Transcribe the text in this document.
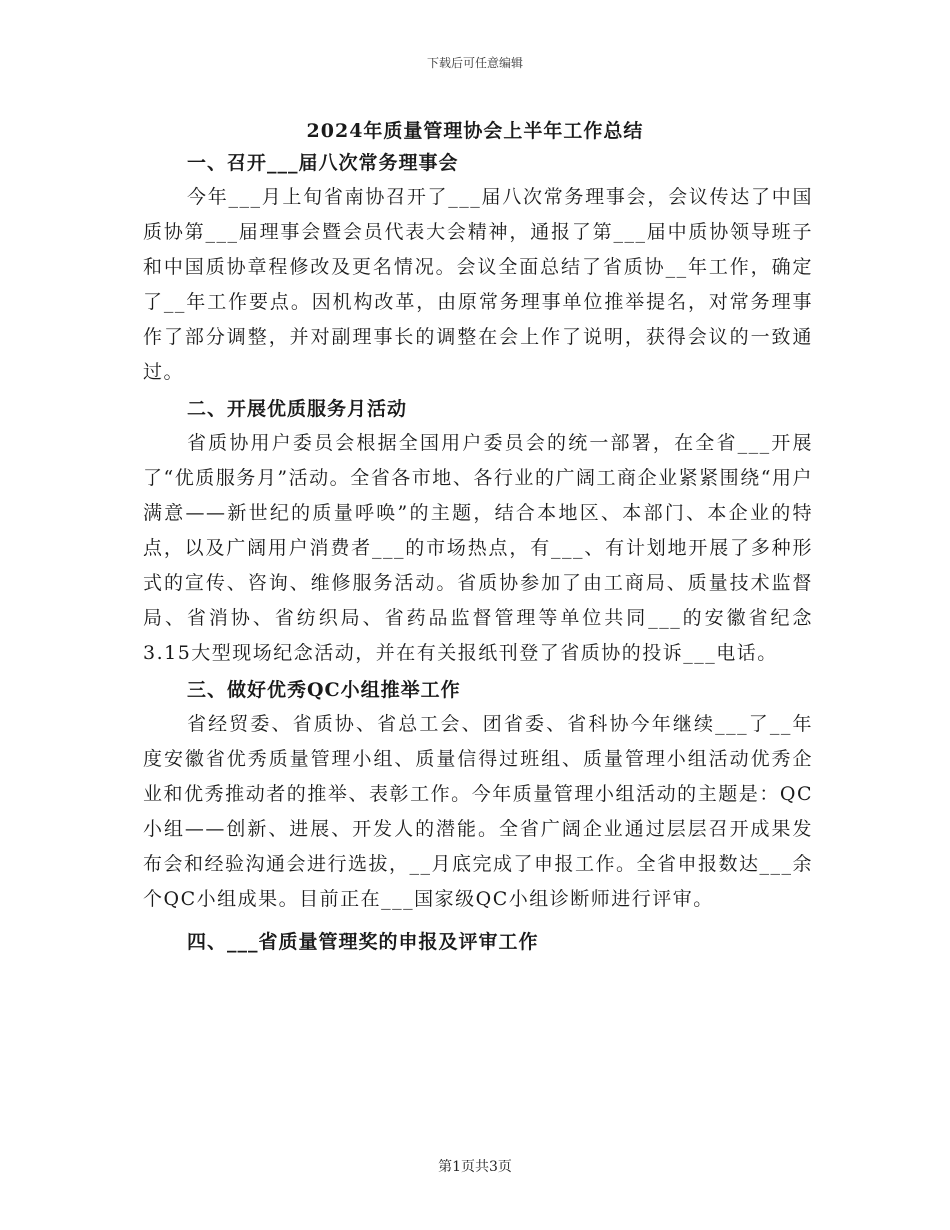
下载后可任意编辑
2024年质量管理协会上半年工作总结

一、召开___届八次常务理事会

今年___月上旬省南协召开了___届八次常务理事会，会议传达了中国质协第___届理事会暨会员代表大会精神，通报了第___届中质协领导班子和中国质协章程修改及更名情况。会议全面总结了省质协__年工作，确定了__年工作要点。因机构改革，由原常务理事单位推举提名，对常务理事作了部分调整，并对副理事长的调整在会上作了说明，获得会议的一致通过。

二、开展优质服务月活动

省质协用户委员会根据全国用户委员会的统一部署，在全省___开展了“优质服务月”活动。全省各市地、各行业的广阔工商企业紧紧围绕“用户满意——新世纪的质量呼唤”的主题，结合本地区、本部门、本企业的特点，以及广阔用户消费者___的市场热点，有___、有计划地开展了多种形式的宣传、咨询、维修服务活动。省质协参加了由工商局、质量技术监督局、省消协、省纺织局、省药品监督管理等单位共同___的安徽省纪念3.15大型现场纪念活动，并在有关报纸刊登了省质协的投诉___电话。

三、做好优秀QC小组推举工作

省经贸委、省质协、省总工会、团省委、省科协今年继续___了__年度安徽省优秀质量管理小组、质量信得过班组、质量管理小组活动优秀企业和优秀推动者的推举、表彰工作。今年质量管理小组活动的主题是：QC小组——创新、进展、开发人的潜能。全省广阔企业通过层层召开成果发布会和经验沟通会进行选拔，__月底完成了申报工作。全省申报数达___余个QC小组成果。目前正在___国家级QC小组诊断师进行评审。

四、___省质量管理奖的申报及评审工作

第1页共3页
